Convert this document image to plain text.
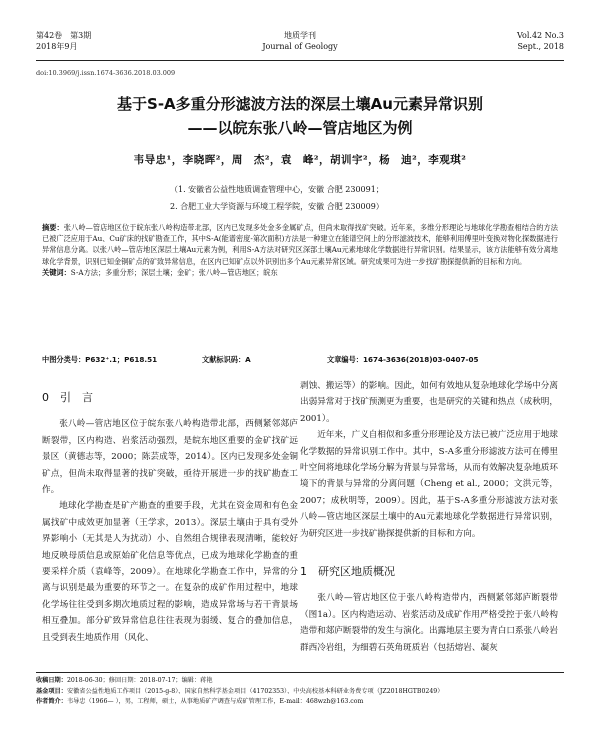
第42卷　第3期
2018年9月
地质学刊
Journal of Geology
Vol.42 No.3
Sept., 2018
doi:10.3969/j.issn.1674-3636.2018.03.009
基于S-A多重分形滤波方法的深层土壤Au元素异常识别
——以皖东张八岭—管店地区为例
韦导忠¹，李晓晖²，周　杰²，袁　峰²，胡训宇²，杨　迪²，李观琪²
（1. 安徽省公益性地质调查管理中心，安徽 合肥 230091；
2. 合肥工业大学资源与环境工程学院，安徽 合肥 230009）
摘要：张八岭—管店地区位于皖东张八岭构造带北部，区内已发现多处金多金属矿点，但尚未取得找矿突破。近年来，多维分形理论与地球化学勘查相结合的方法已被广泛应用于Au、Cu矿床的找矿勘查工作，其中S-A(能谱密度-第次面积)方法是一种建立在能谱空间上的分形滤波技术，能够利用傅里叶变换对物化探数据进行异常信息分离。以张八岭—管店地区深层土壤Au元素为例，利用S-A方法对研究区深部土壤Au元素地球化学数据进行异常识别。结果显示，该方法能够有效分离地球化学背景，识别已知金铜矿点的矿致异常信息，在区内已知矿点以外识别出多个Au元素异常区域。研究成果可为进一步找矿勘探提供新的目标和方向。
关键词：S-A方法；多重分形；深层土壤；金矿；张八岭—管店地区；皖东
中图分类号：P632⁺.1；P618.51	文献标识码：A	文章编号：1674-3636(2018)03-0407-05
0　引　言

张八岭—管店地区位于皖东张八岭构造带北部，西侧紧邻郯庐断裂带，区内构造、岩浆活动强烈，是皖东地区重要的金矿找矿远景区（黄德志等，2000；陈芸成等，2014）。区内已发现多处金铜矿点，但尚未取得显著的找矿突破，亟待开展进一步的找矿勘查工作。

地球化学勘查是矿产勘查的重要手段，尤其在资金周和有色金属找矿中成效更加显著（王学求，2013）。深层土壤由于具有受外界影响小（无其是人为扰动）小、自然组合规律表现清晰，能较好地反映母质信息或原始矿化信息等优点，已成为地球化学勘查的重要采样介质（袁峰等，2009）。在地球化学勘查工作中，异常的分离与识别是最为重要的环节之一。在复杂的成矿作用过程中，地球化学场往往受到多期次地质过程的影响，造成异常场与若干背景场相互叠加。部分矿致异常信息往往表现为弱缓、复合的叠加信息，且受到表生地质作用（风化、

剥蚀、搬运等）的影响。因此，如何有效地从复杂地球化学场中分离出弱异常对于找矿预测更为重要，也是研究的关键和热点（成秋明，2001）。

近年来，广义自相似和多重分形理论及方法已被广泛应用于地球化学数据的异常识别工作中。其中，S-A多重分形滤波方法可在傅里叶空间将地球化学场分解为背景与异常场，从而有效解决复杂地质环境下的背景与异常的分离问题（Cheng et al., 2000；文洪元等，2007；成秋明等，2009）。因此，基于S-A多重分形滤波方法对张八岭—管店地区深层土壤中的Au元素地球化学数据进行异常识别，为研究区进一步找矿勘探提供新的目标和方向。

1　研究区地质概况

张八岭—管店地区位于张八岭构造带内，西侧紧邻郯庐断裂带（图1a）。区内构造运动、岩浆活动及成矿作用严格受控于张八岭构造带和郯庐断裂带的发生与演化。出露地层主要为青白口系张八岭岩群西冷岩组，为细碧石英角斑质岩（包括熔岩、凝灰

收稿日期：2018-06-30；修回日期：2018-07-17；编辑：蒋艳
基金项目：安徽省公益性地质工作项目（2015-g-8）、国家自然科学基金项目（41702353）、中央高校基本科研业务费专项（JZ2018HGTB0249）
作者简介：韦导忠（1966— ），男，工程师，硕士，从事地质矿产调查与成矿管理工作，E-mail：468wzh@163.com
